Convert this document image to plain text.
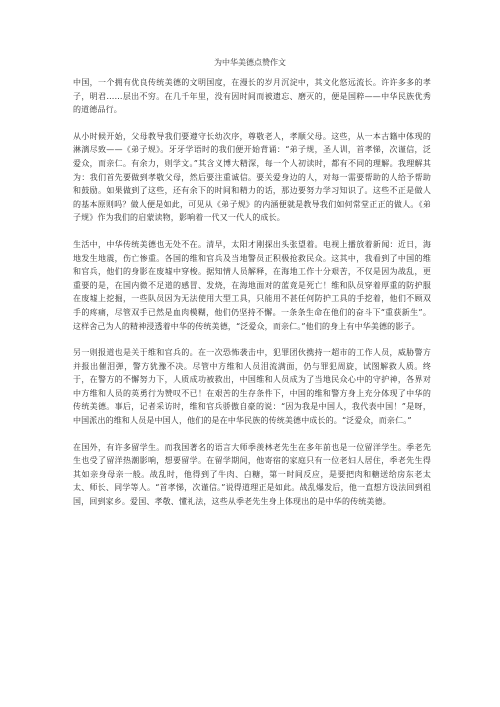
为中华美德点赞作文

中国，一个拥有优良传统美德的文明国度，在漫长的岁月沉淀中，其文化悠远流长。许许多多的孝子，明君……层出不穷。在几千年里，没有因时间而被遗忘、磨灭的，便是国粹——中华民族优秀的道德品行。

从小时候开始，父母教导我们要遵守长幼次序，尊敬老人，孝顺父母。这些，从一本古籍中体现的淋漓尽致——《弟子规》。牙牙学语时的我们便开始背诵：“弟子规，圣人训，首孝悌，次谨信，泛爱众，而亲仁。有余力，则学文。”其含义博大精深，每一个人初读时，都有不同的理解。我理解其为：我们首先要做到孝敬父母，然后要注重诚信。要关爱身边的人，对每一需要帮助的人给予帮助和鼓励。如果做到了这些，还有余下的时间和精力的话，那边要努力学习知识了。这些不正是做人的基本原则吗？做人便是如此，可见从《弟子规》的内涵便就是教导我们如何常堂正正的做人。《弟子规》作为我们的启蒙读物，影响着一代又一代人的成长。

生活中，中华传统美德也无处不在。清早，太阳才刚探出头张望着。电视上播放着新闻：近日，海地发生地震，伤亡惨重。各国的维和官兵及当地警员正积极抢救民众。这其中，我看到了中国的维和官兵，他们的身影在废墟中穿梭。据知情人员解释，在海地工作十分艰苦，不仅是因为战乱，更重要的是，在国内微不足道的感冒、发烧，在海地面对的蓝竟是死亡！维和队员穿着厚重的防护服在废墟上挖掘，一些队员因为无法使用大型工具，只能用不甚任何防护工具的手挖着，他们不顾双手的疼痛，尽管双手已然是血肉模糊，他们仍坚持不懈。一条条生命在他们的奋斗下“重获新生”。这样舍己为人的精神浸透着中华的传统美德，“泛爱众，而亲仁。”他们的身上有中华美德的影子。

另一则报道也是关于维和官兵的。在一次恐怖袭击中，犯罪团伙携持一超市的工作人员，威胁警方并报出催泪弹，警方犹豫不决。尽管中方维和人员泪流满面，仍与罪犯周旋，试图解救人质。终于，在警方的不懈努力下，人质成功被救出，中国维和人员成为了当地民众心中的守护神，各界对中方维和人员的英勇行为赞叹不已！在艰苦的生存条件下，中国的维和警方身上充分体现了中华的传统美德。事后，记者采访时，维和官兵骄傲自豪的说：“因为我是中国人，我代表中国！”是呀，中国派出的维和人员是中国人，他们的是在中华民族的传统美德中成长的。“泛爱众，而亲仁。”

在国外，有许多留学生。而我国著名的语言大师季羡林老先生在多年前也是一位留洋学生。季老先生也受了留洋热潮影响，想要留学。在留学期间，他寄宿的家庭只有一位老妇人居住，季老先生得其如亲身母亲一般。战乱时，他得到了牛肉、白糖，第一时间反应，是要把肉和糖送给房东老太太、师长、同学等人。“首孝悌，次谨信。”说得道理正是如此。战乱爆发后，他一直想方设法回到祖国，回到家乡。爱国、孝敬、懂礼法，这些从季老先生身上体现出的是中华的传统美德。
